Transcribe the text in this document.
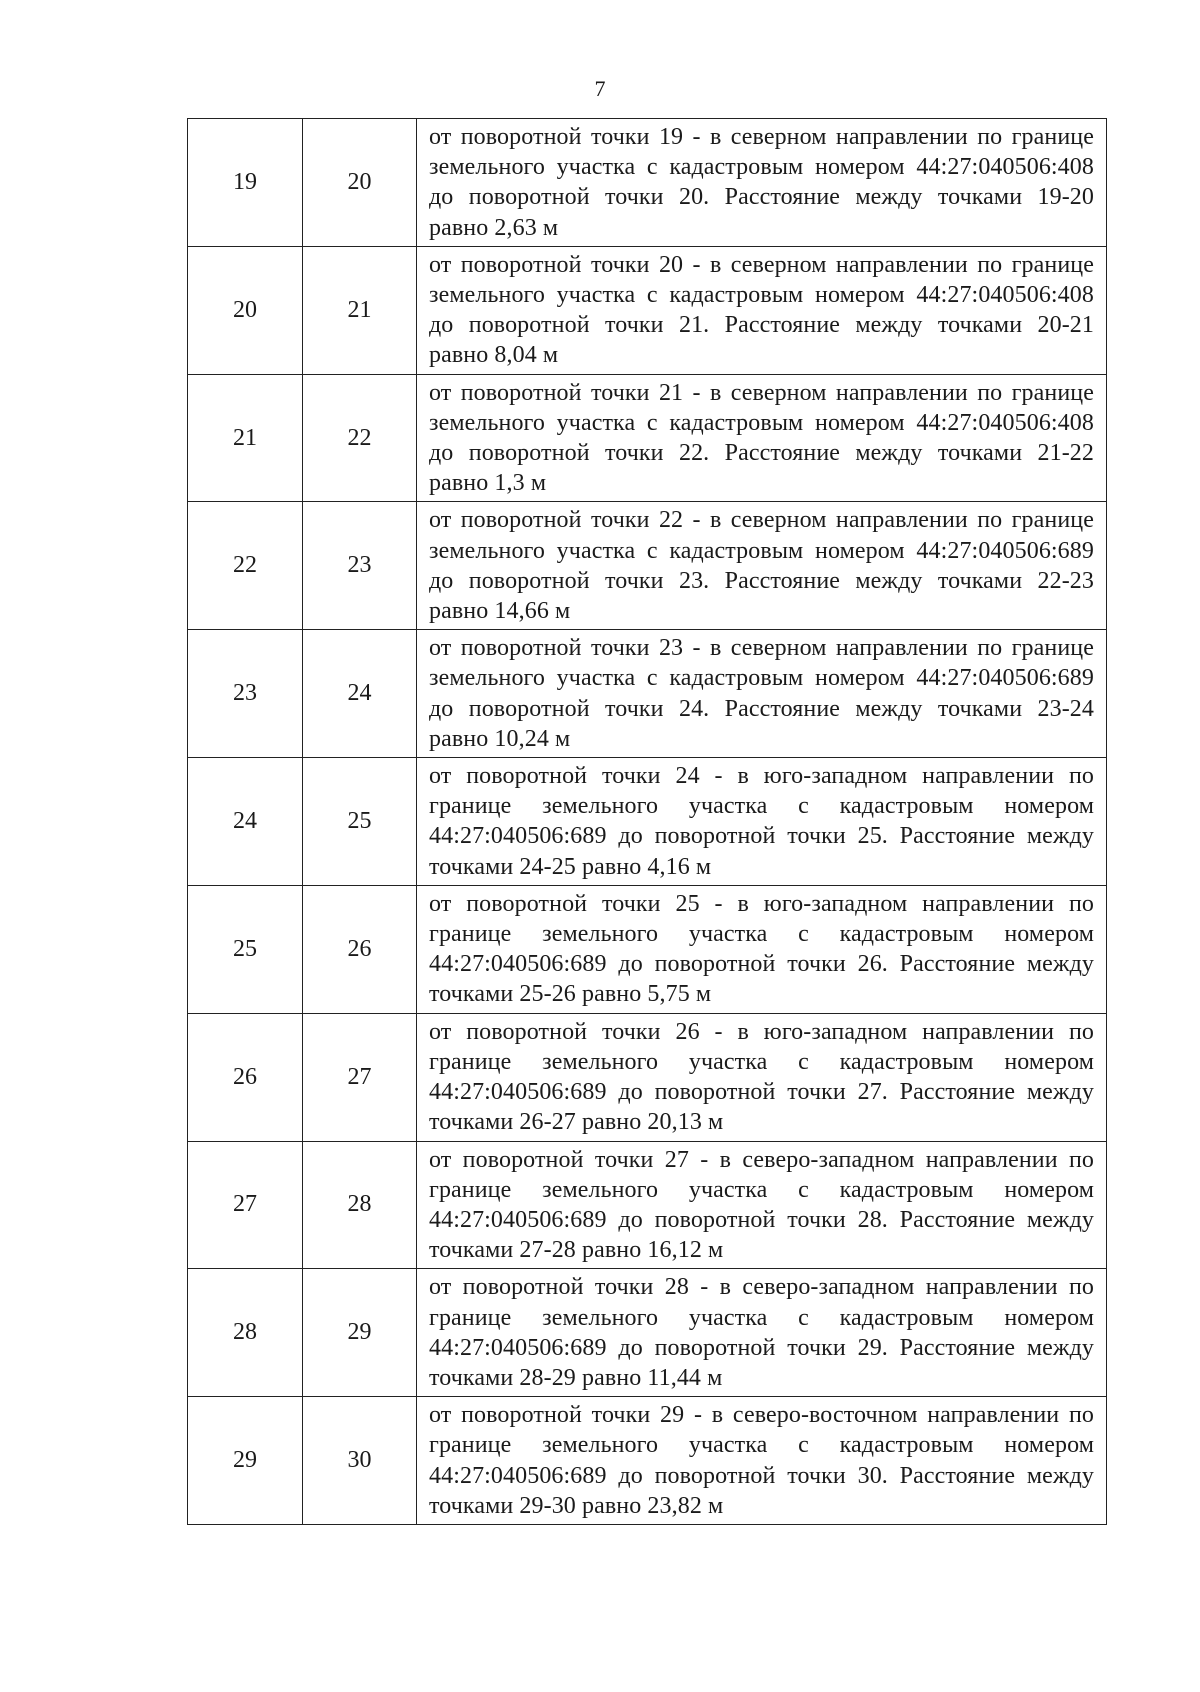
7
19	20	от поворотной точки 19 - в северном направлении по границе земельного участка с кадастровым номером 44:27:040506:408 до поворотной точки 20. Расстояние между точками 19-20 равно 2,63 м
20	21	от поворотной точки 20 - в северном направлении по границе земельного участка с кадастровым номером 44:27:040506:408 до поворотной точки 21. Расстояние между точками 20-21 равно 8,04 м
21	22	от поворотной точки 21 - в северном направлении по границе земельного участка с кадастровым номером 44:27:040506:408 до поворотной точки 22. Расстояние между точками 21-22 равно 1,3 м
22	23	от поворотной точки 22 - в северном направлении по границе земельного участка с кадастровым номером 44:27:040506:689 до поворотной точки 23. Расстояние между точками 22-23 равно 14,66 м
23	24	от поворотной точки 23 - в северном направлении по границе земельного участка с кадастровым номером 44:27:040506:689 до поворотной точки 24. Расстояние между точками 23-24 равно 10,24 м
24	25	от поворотной точки 24 - в юго-западном направлении по границе земельного участка с кадастровым номером 44:27:040506:689 до поворотной точки 25. Расстояние между точками 24-25 равно 4,16 м
25	26	от поворотной точки 25 - в юго-западном направлении по границе земельного участка с кадастровым номером 44:27:040506:689 до поворотной точки 26. Расстояние между точками 25-26 равно 5,75 м
26	27	от поворотной точки 26 - в юго-западном направлении по границе земельного участка с кадастровым номером 44:27:040506:689 до поворотной точки 27. Расстояние между точками 26-27 равно 20,13 м
27	28	от поворотной точки 27 - в северо-западном направлении по границе земельного участка с кадастровым номером 44:27:040506:689 до поворотной точки 28. Расстояние между точками 27-28 равно 16,12 м
28	29	от поворотной точки 28 - в северо-западном направлении по границе земельного участка с кадастровым номером 44:27:040506:689 до поворотной точки 29. Расстояние между точками 28-29 равно 11,44 м
29	30	от поворотной точки 29 - в северо-восточном направлении по границе земельного участка с кадастровым номером 44:27:040506:689 до поворотной точки 30. Расстояние между точками 29-30 равно 23,82 м
